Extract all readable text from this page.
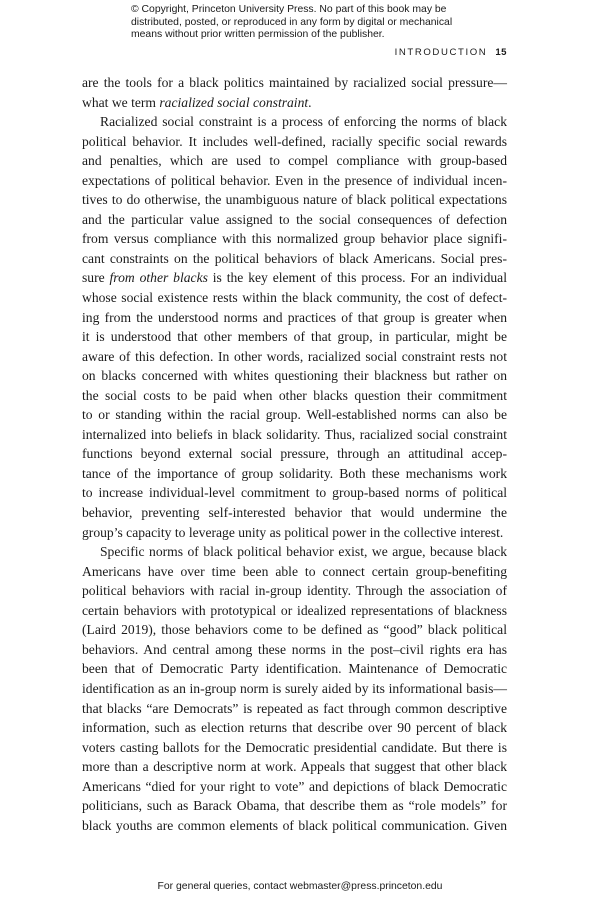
© Copyright, Princeton University Press. No part of this book may be
distributed, posted, or reproduced in any form by digital or mechanical
means without prior written permission of the publisher.
INTRODUCTION 15
are the tools for a black politics maintained by racialized social pressure—
what we term racialized social constraint.
Racialized social constraint is a process of enforcing the norms of black
political behavior. It includes well-defined, racially specific social rewards
and penalties, which are used to compel compliance with group-based
expectations of political behavior. Even in the presence of individual incen-
tives to do otherwise, the unambiguous nature of black political expectations
and the particular value assigned to the social consequences of defection
from versus compliance with this normalized group behavior place signifi-
cant constraints on the political behaviors of black Americans. Social pres-
sure from other blacks is the key element of this process. For an individual
whose social existence rests within the black community, the cost of defect-
ing from the understood norms and practices of that group is greater when
it is understood that other members of that group, in particular, might be
aware of this defection. In other words, racialized social constraint rests not
on blacks concerned with whites questioning their blackness but rather on
the social costs to be paid when other blacks question their commitment
to or standing within the racial group. Well-established norms can also be
internalized into beliefs in black solidarity. Thus, racialized social constraint
functions beyond external social pressure, through an attitudinal accep-
tance of the importance of group solidarity. Both these mechanisms work
to increase individual-level commitment to group-based norms of political
behavior, preventing self-interested behavior that would undermine the
group’s capacity to leverage unity as political power in the collective interest.
Specific norms of black political behavior exist, we argue, because black
Americans have over time been able to connect certain group-benefiting
political behaviors with racial in-group identity. Through the association of
certain behaviors with prototypical or idealized representations of blackness
(Laird 2019), those behaviors come to be defined as “good” black political
behaviors. And central among these norms in the post–civil rights era has
been that of Democratic Party identification. Maintenance of Democratic
identification as an in-group norm is surely aided by its informational basis—
that blacks “are Democrats” is repeated as fact through common descriptive
information, such as election returns that describe over 90 percent of black
voters casting ballots for the Democratic presidential candidate. But there is
more than a descriptive norm at work. Appeals that suggest that other black
Americans “died for your right to vote” and depictions of black Democratic
politicians, such as Barack Obama, that describe them as “role models” for
black youths are common elements of black political communication. Given
For general queries, contact webmaster@press.princeton.edu
